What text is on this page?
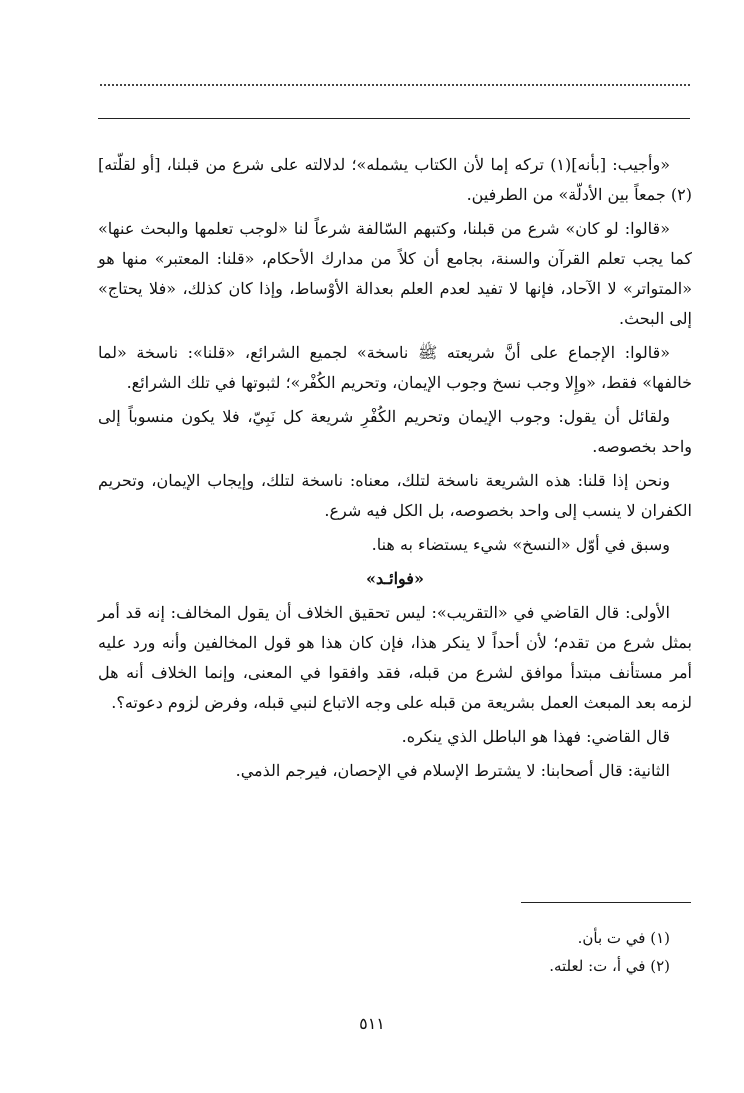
«وأجيب: [بأنه](١) تركه إما لأن الكتاب يشمله»؛ لدلالته على شرع من قبلنا، [أو لقلّته](٢) جمعاً بين الأدلّة» من الطرفين.

«قالوا: لو كان» شرع من قبلنا، وكتبهم السّالفة شرعاً لنا «لوجب تعلمها والبحث عنها» كما يجب تعلم القرآن والسنة، بجامع أن كلاً من مدارك الأحكام، «قلنا: المعتبر» منها هو «المتواتر» لا الآحاد، فإنها لا تفيد لعدم العلم بعدالة الأوْساط، وإذا كان كذلك، «فلا يحتاج» إلى البحث.

«قالوا: الإجماع على أنَّ شريعته ﷺ ناسخة» لجميع الشرائع، «قلنا»: ناسخة «لما خالفها» فقط، «وإِلا وجب نسخ وجوب الإيمان، وتحريم الكُفْر»؛ لثبوتها في تلك الشرائع.

ولقائل أن يقول: وجوب الإيمان وتحريم الكُفْرِ شريعة كل نَبِيّ، فلا يكون منسوباً إلى واحد بخصوصه.

ونحن إذا قلنا: هذه الشريعة ناسخة لتلك، معناه: ناسخة لتلك، وإيجاب الإيمان، وتحريم الكفران لا ينسب إلى واحد بخصوصه، بل الكل فيه شرع.

وسبق في أوّل «النسخ» شيء يستضاء به هنا.

«فوائـد»

الأولى: قال القاضي في «التقريب»: ليس تحقيق الخلاف أن يقول المخالف: إنه قد أمر بمثل شرع من تقدم؛ لأن أحداً لا ينكر هذا، فإن كان هذا هو قول المخالفين وأنه ورد عليه أمر مستأنف مبتدأ موافق لشرع من قبله، فقد وافقوا في المعنى، وإنما الخلاف أنه هل لزمه بعد المبعث العمل بشريعة من قبله على وجه الاتباع لنبي قبله، وفرض لزوم دعوته؟.

قال القاضي: فهذا هو الباطل الذي ينكره.

الثانية: قال أصحابنا: لا يشترط الإسلام في الإحصان، فيرجم الذمي.

(١) في ت بأن.
(٢) في أ، ت: لعلته.
٥١١
